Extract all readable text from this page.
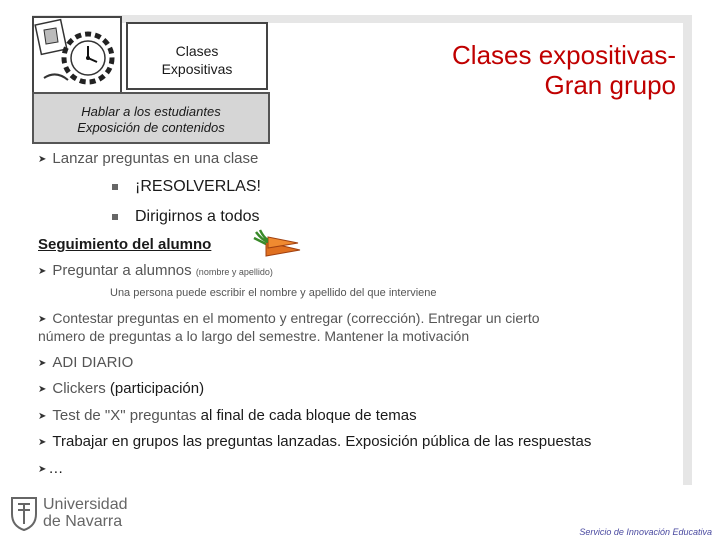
Clases
Expositivas
Hablar a los estudiantes
Exposición de contenidos
Clases expositivas-
Gran grupo
➤ Lanzar preguntas en una clase
¡RESOLVERLAS!
Dirigirnos a todos
Seguimiento del alumno
➤ Preguntar a alumnos (nombre y apellido)
Una persona puede escribir el nombre y apellido del que interviene
➤ Contestar preguntas en el momento y entregar (corrección). Entregar un cierto
número de preguntas a lo largo del semestre. Mantener la motivación
➤ ADI DIARIO
➤ Clickers (participación)
➤ Test de "X" preguntas al final de cada bloque de temas
➤ Trabajar en grupos las preguntas lanzadas. Exposición pública de las respuestas
➤ …
Universidad
de Navarra
Servicio de Innovación Educativa
